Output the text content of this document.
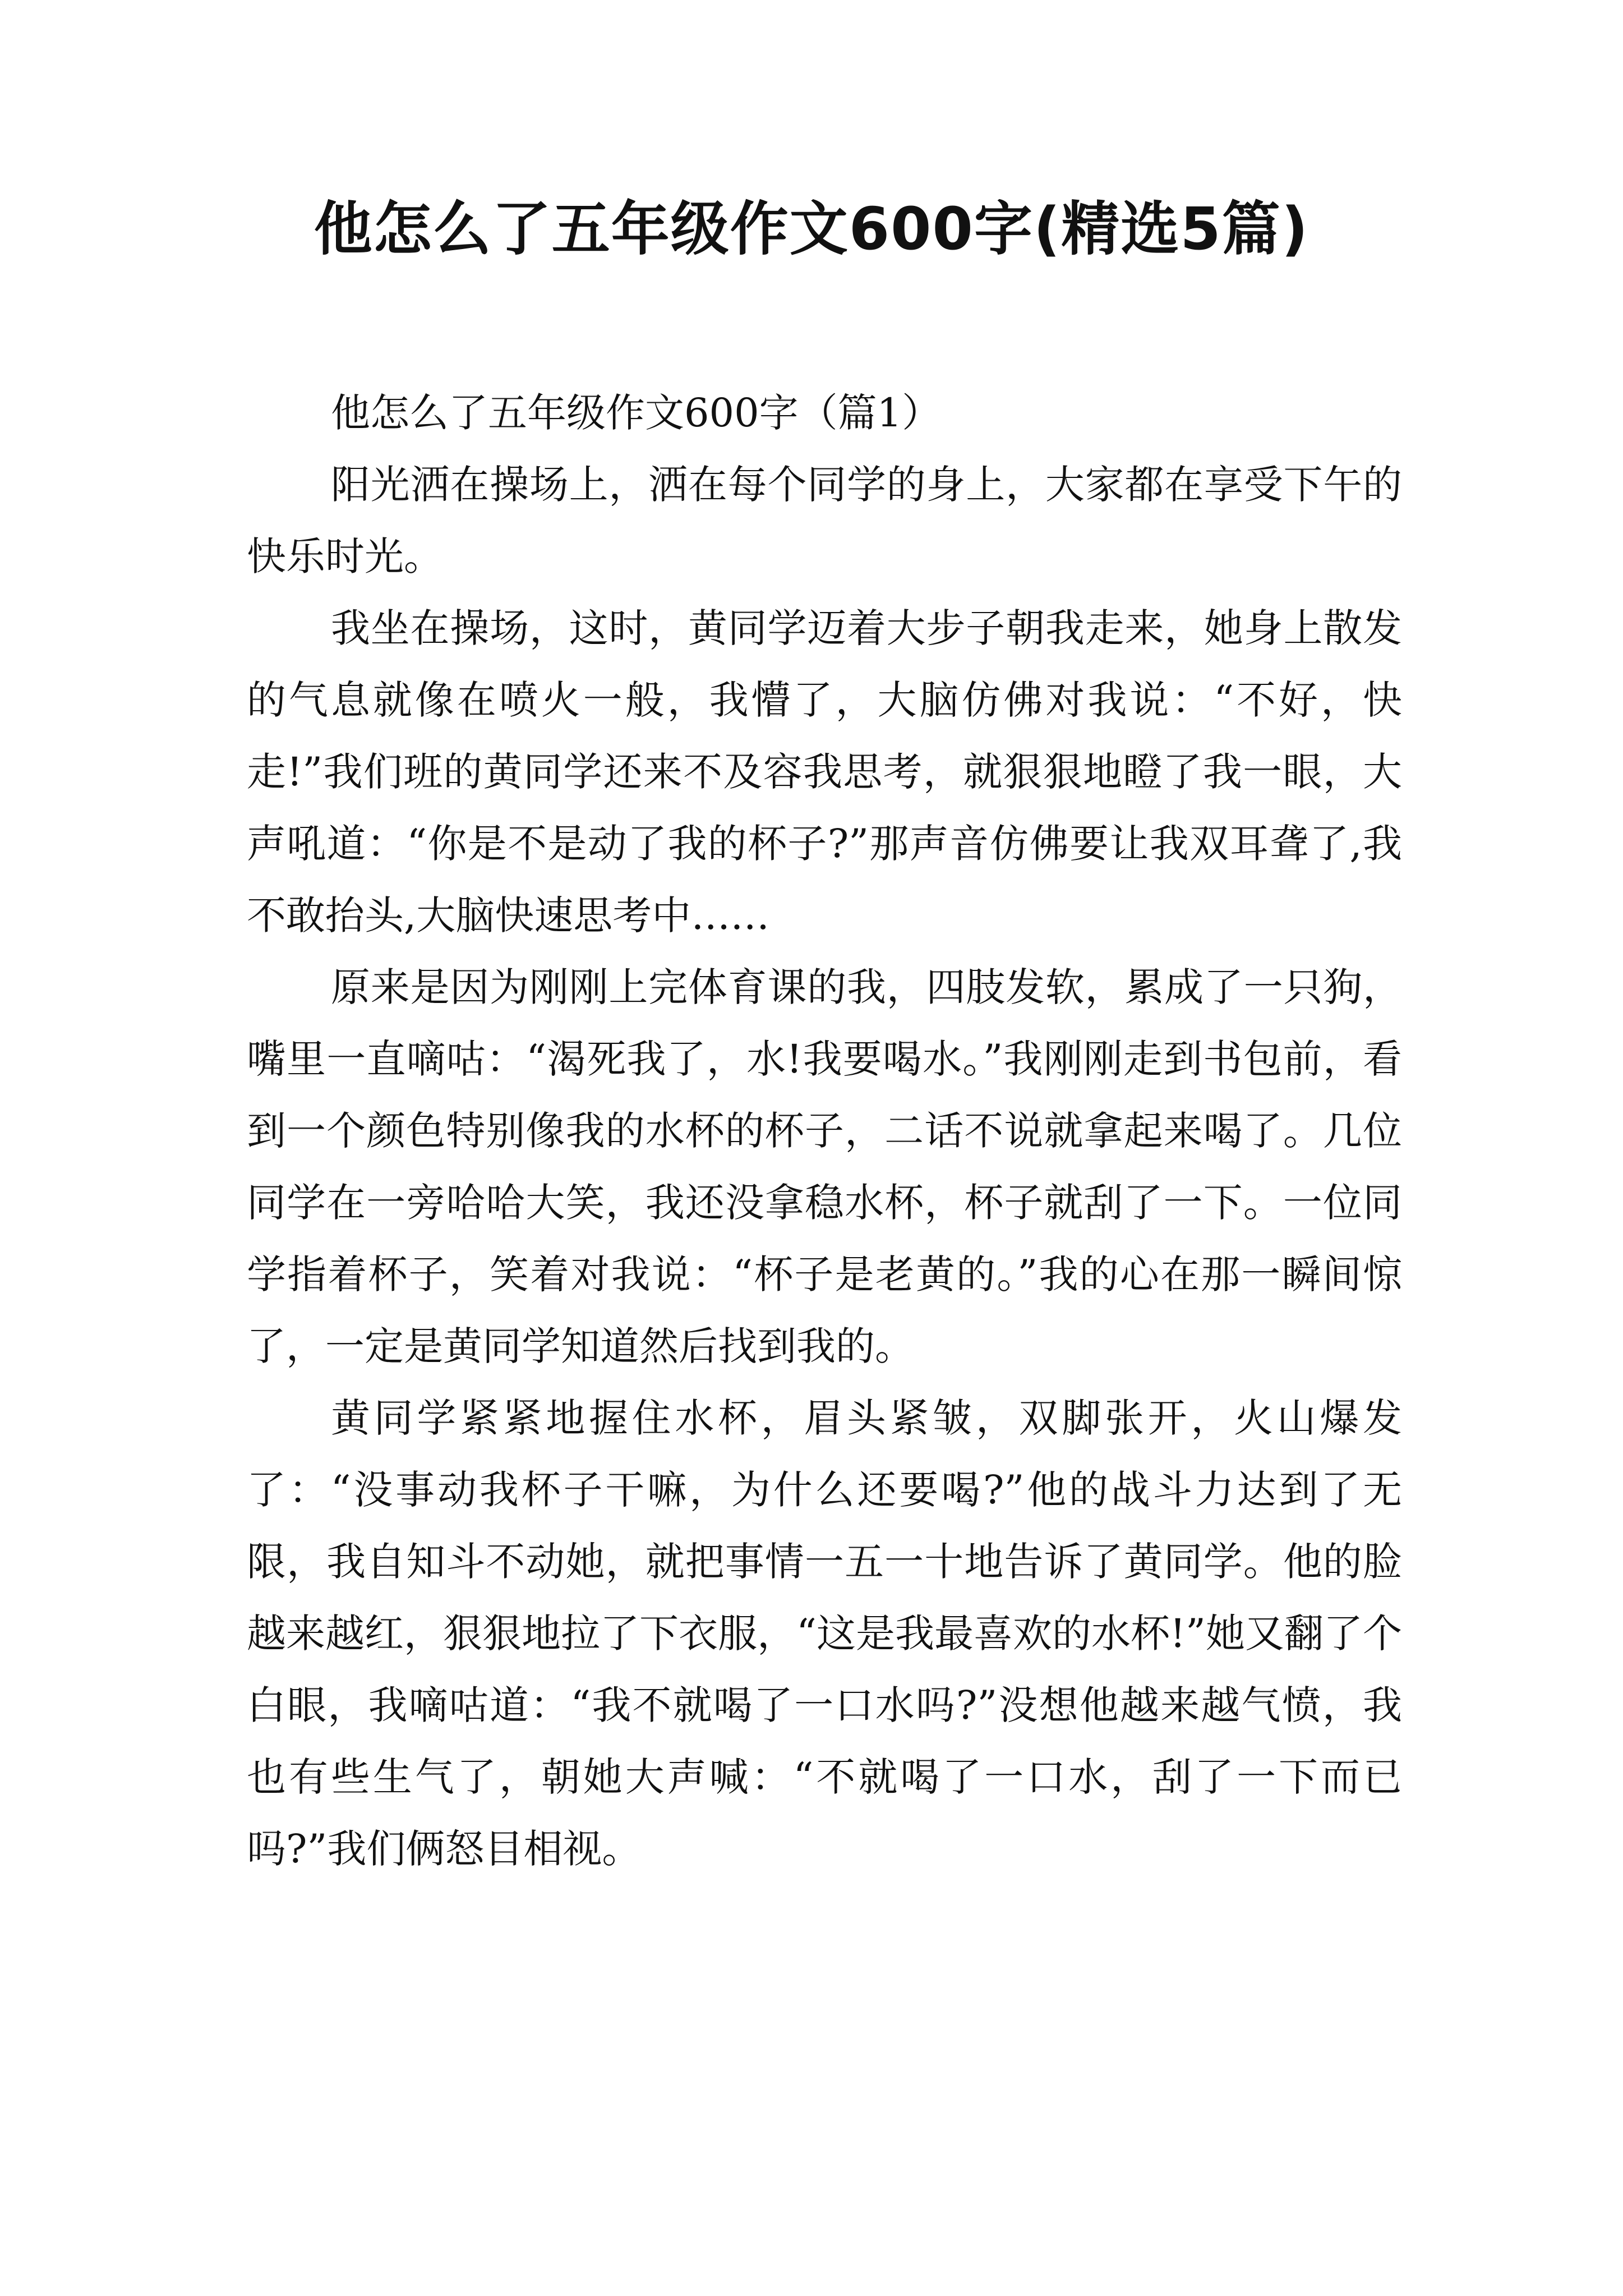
他怎么了五年级作文600字(精选5篇)

他怎么了五年级作文600字（篇1）

阳光洒在操场上，洒在每个同学的身上，大家都在享受下午的快乐时光。

我坐在操场，这时，黄同学迈着大步子朝我走来，她身上散发的气息就像在喷火一般，我懵了，大脑仿佛对我说：“不好，快走!”我们班的黄同学还来不及容我思考，就狠狠地瞪了我一眼，大声吼道：“你是不是动了我的杯子?”那声音仿佛要让我双耳聋了,我不敢抬头,大脑快速思考中……

原来是因为刚刚上完体育课的我，四肢发软，累成了一只狗，嘴里一直嘀咕：“渴死我了，水!我要喝水。”我刚刚走到书包前，看到一个颜色特别像我的水杯的杯子，二话不说就拿起来喝了。几位同学在一旁哈哈大笑，我还没拿稳水杯，杯子就刮了一下。一位同学指着杯子，笑着对我说：“杯子是老黄的。”我的心在那一瞬间惊了，一定是黄同学知道然后找到我的。

黄同学紧紧地握住水杯，眉头紧皱，双脚张开，火山爆发了：“没事动我杯子干嘛，为什么还要喝?”他的战斗力达到了无限，我自知斗不动她，就把事情一五一十地告诉了黄同学。他的脸越来越红，狠狠地拉了下衣服，“这是我最喜欢的水杯!”她又翻了个白眼，我嘀咕道：“我不就喝了一口水吗?”没想他越来越气愤，我也有些生气了，朝她大声喊：“不就喝了一口水，刮了一下而已吗?”我们俩怒目相视。
